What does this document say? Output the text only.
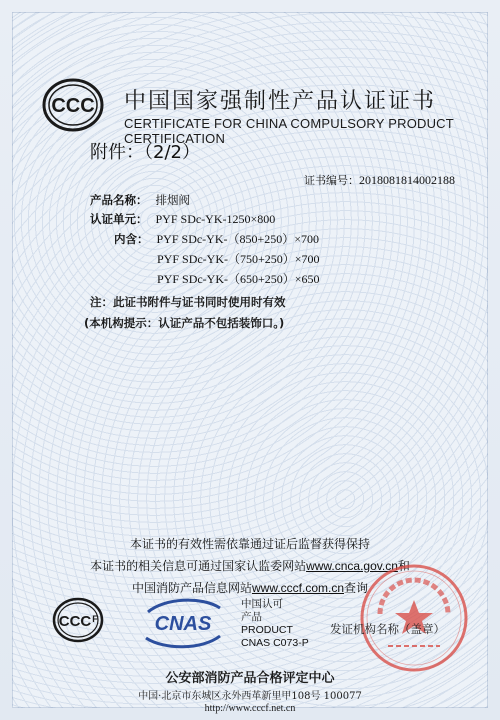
CCC 中国国家强制性产品认证证书
CERTIFICATE FOR CHINA COMPULSORY PRODUCT CERTIFICATION
附件：（2/2）
证书编号：2018081814002188
产品名称： 排烟阀
认证单元： PYF SDc-YK-1250×800
内含： PYF SDc-YK-（850+250）×700
PYF SDc-YK-（750+250）×700
PYF SDc-YK-（650+250）×650
注：此证书附件与证书同时使用时有效
(本机构提示：认证产品不包括装饰口。)
本证书的有效性需依靠通过证后监督获得保持
本证书的相关信息可通过国家认监委网站www.cnca.gov.cn和
中国消防产品信息网站www.cccf.com.cn查询
CCC F	CNAS
中国认可
产品
PRODUCT
CNAS C073-P
发证机构名称（盖章）
公安部消防产品合格评定中心
中国·北京市东城区永外西革新里甲108号 100077
http://www.cccf.net.cn
